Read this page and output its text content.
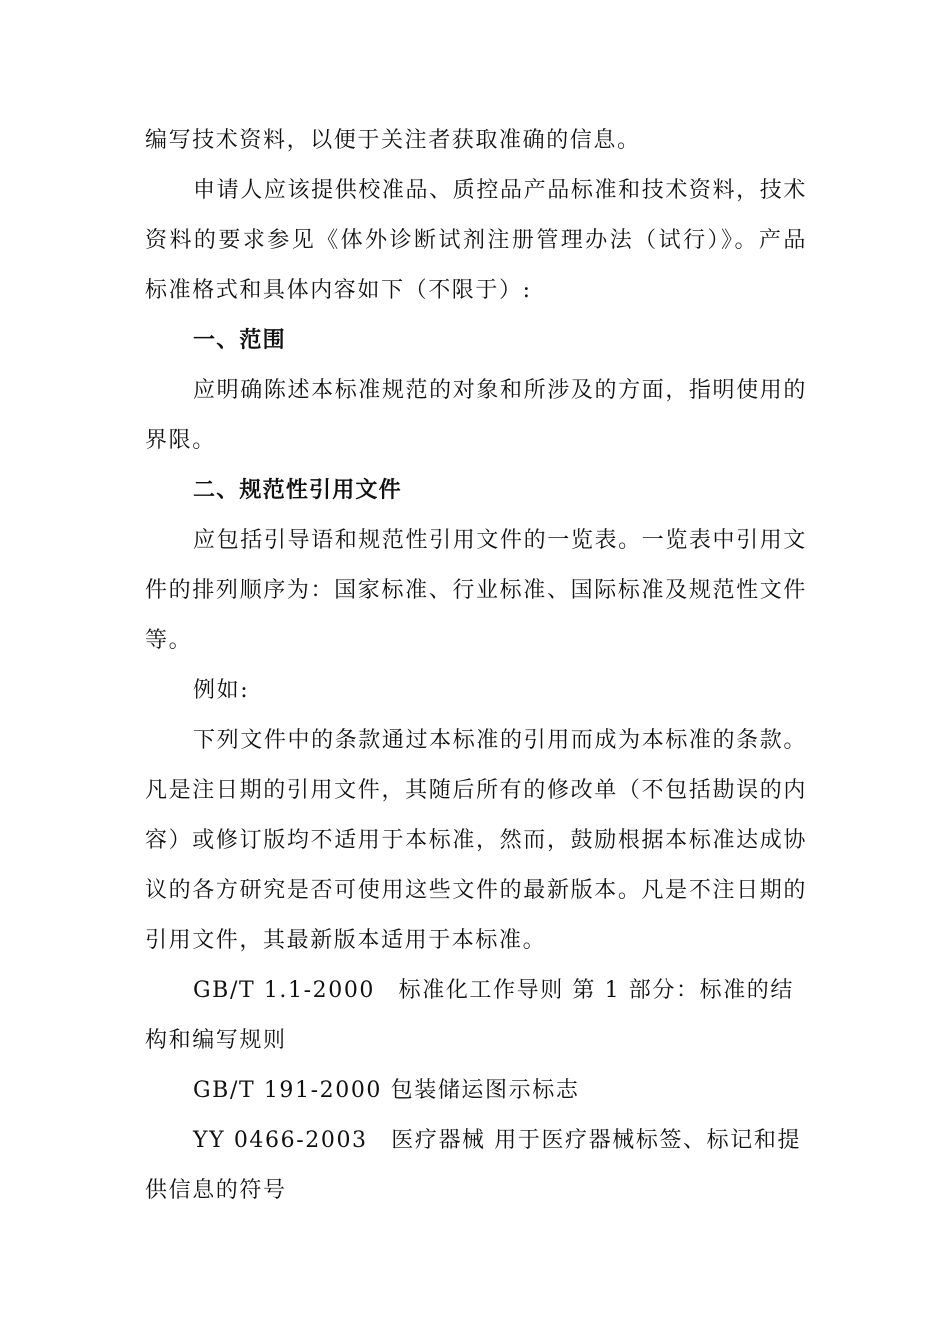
编写技术资料，以便于关注者获取准确的信息。

申请人应该提供校准品、质控品产品标准和技术资料，技术资料的要求参见《体外诊断试剂注册管理办法（试行）》。产品标准格式和具体内容如下（不限于）:

一、范围

应明确陈述本标准规范的对象和所涉及的方面，指明使用的界限。

二、规范性引用文件

应包括引导语和规范性引用文件的一览表。一览表中引用文件的排列顺序为：国家标准、行业标准、国际标准及规范性文件等。

例如:

下列文件中的条款通过本标准的引用而成为本标准的条款。凡是注日期的引用文件，其随后所有的修改单（不包括勘误的内容）或修订版均不适用于本标准，然而，鼓励根据本标准达成协议的各方研究是否可使用这些文件的最新版本。凡是不注日期的引用文件，其最新版本适用于本标准。

GB/T 1.1-2000　标准化工作导则 第 1 部分：标准的结构和编写规则

GB/T 191-2000 包装储运图示标志

YY 0466-2003　医疗器械 用于医疗器械标签、标记和提供信息的符号
